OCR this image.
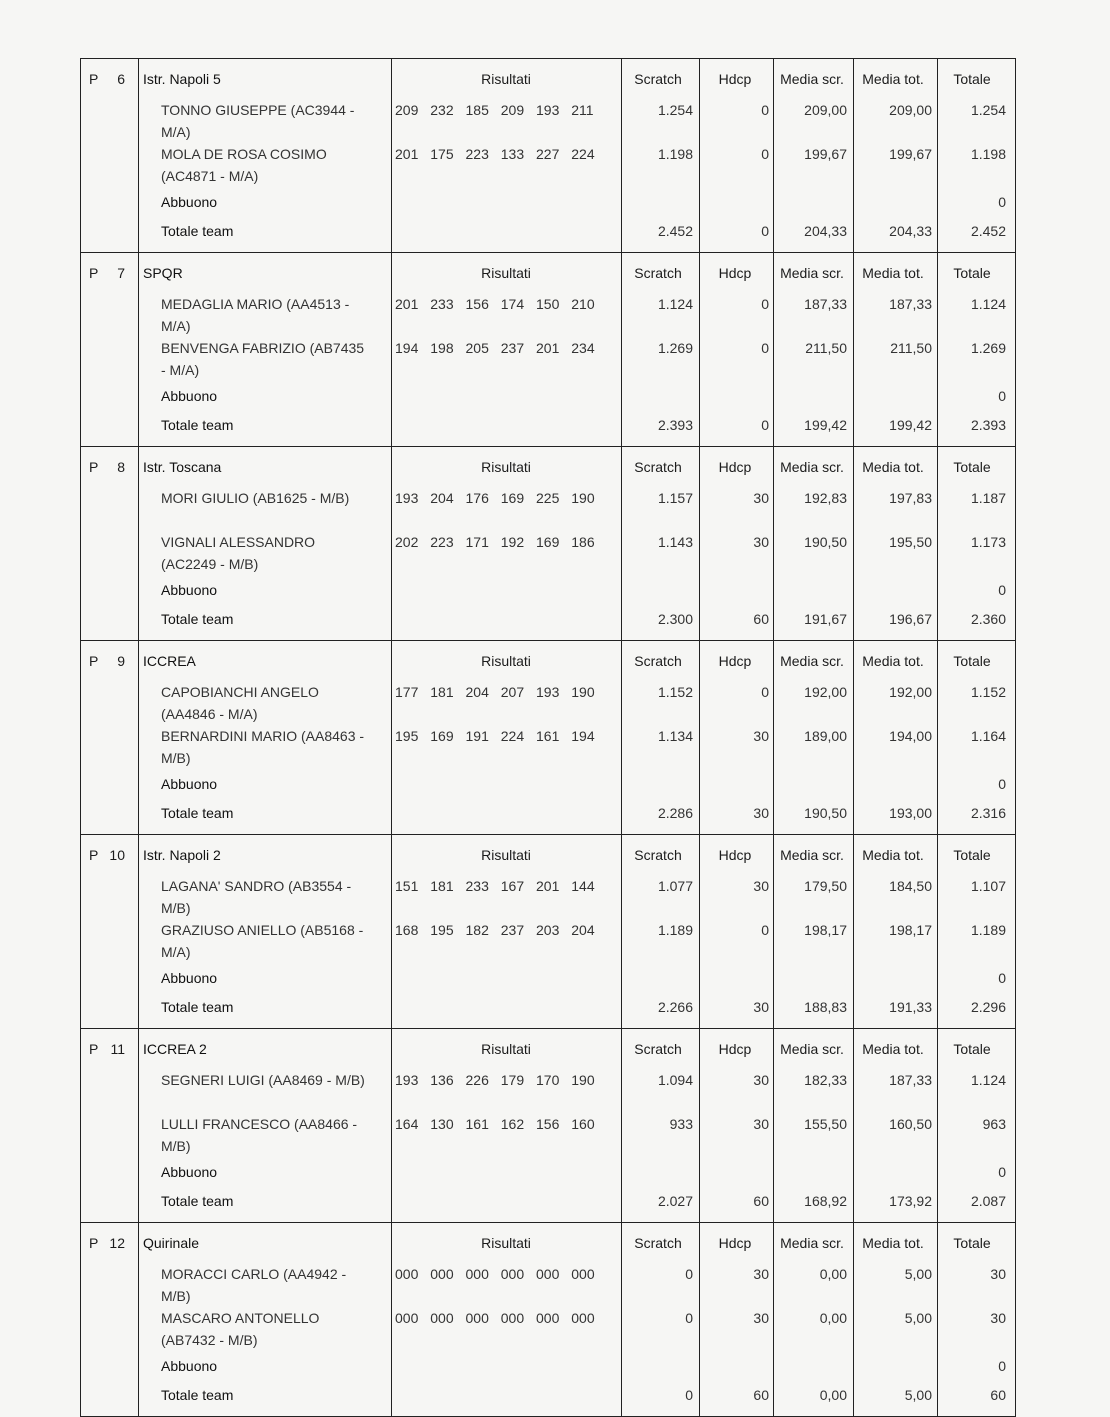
P	6 Istr. Napoli 5	Risultati	Scratch	Hdcp	Media scr.	Media tot.	Totale
TONNO GIUSEPPE (AC3944 - M/A)
209 232 185 209 193 211	1.254	0	209,00	209,00	1.254
MOLA DE ROSA COSIMO (AC4871 - M/A)
201 175 223 133 227 224	1.198	0	199,67	199,67	1.198
Abbuono	0
Totale team	2.452	0	204,33	204,33	2.452
P	7 SPQR	Risultati	Scratch	Hdcp	Media scr.	Media tot.	Totale
MEDAGLIA MARIO (AA4513 - M/A)
201 233 156 174 150 210	1.124	0	187,33	187,33	1.124
BENVENGA FABRIZIO (AB7435 - M/A)
194 198 205 237 201 234	1.269	0	211,50	211,50	1.269
Abbuono	0
Totale team	2.393	0	199,42	199,42	2.393
P	8 Istr. Toscana	Risultati	Scratch	Hdcp	Media scr.	Media tot.	Totale
MORI GIULIO (AB1625 - M/B)	193 204 176 169 225 190	1.157	30	192,83	197,83	1.187
VIGNALI ALESSANDRO (AC2249 - M/B)
202 223 171 192 169 186	1.143	30	190,50	195,50	1.173
Abbuono	0
Totale team	2.300	60	191,67	196,67	2.360
P	9 ICCREA	Risultati	Scratch	Hdcp	Media scr.	Media tot.	Totale
CAPOBIANCHI ANGELO (AA4846 - M/A)
177 181 204 207 193 190	1.152	0	192,00	192,00	1.152
BERNARDINI MARIO (AA8463 - M/B)
195 169 191 224 161 194	1.134	30	189,00	194,00	1.164
Abbuono	0
Totale team	2.286	30	190,50	193,00	2.316
P 10 Istr. Napoli 2	Risultati	Scratch	Hdcp	Media scr.	Media tot.	Totale
LAGANA' SANDRO (AB3554 - M/B)
151 181 233 167 201 144	1.077	30	179,50	184,50	1.107
GRAZIUSO ANIELLO (AB5168 - M/A)
168 195 182 237 203 204	1.189	0	198,17	198,17	1.189
Abbuono	0
Totale team	2.266	30	188,83	191,33	2.296
P 11 ICCREA 2	Risultati	Scratch	Hdcp	Media scr.	Media tot.	Totale
SEGNERI LUIGI (AA8469 - M/B) 193 136 226 179 170 190	1.094	30	182,33	187,33	1.124
LULLI FRANCESCO (AA8466 - M/B)
164 130 161 162 156 160	933	30	155,50	160,50	963
Abbuono	0
Totale team	2.027	60	168,92	173,92	2.087
P 12 Quirinale	Risultati	Scratch	Hdcp	Media scr.	Media tot.	Totale
MORACCI CARLO (AA4942 - M/B)
000 000 000 000 000 000	0	30	0,00	5,00	30
MASCARO ANTONELLO (AB7432 - M/B)
000 000 000 000 000 000	0	30	0,00	5,00	30
Abbuono	0
Totale team	0	60	0,00	5,00	60
